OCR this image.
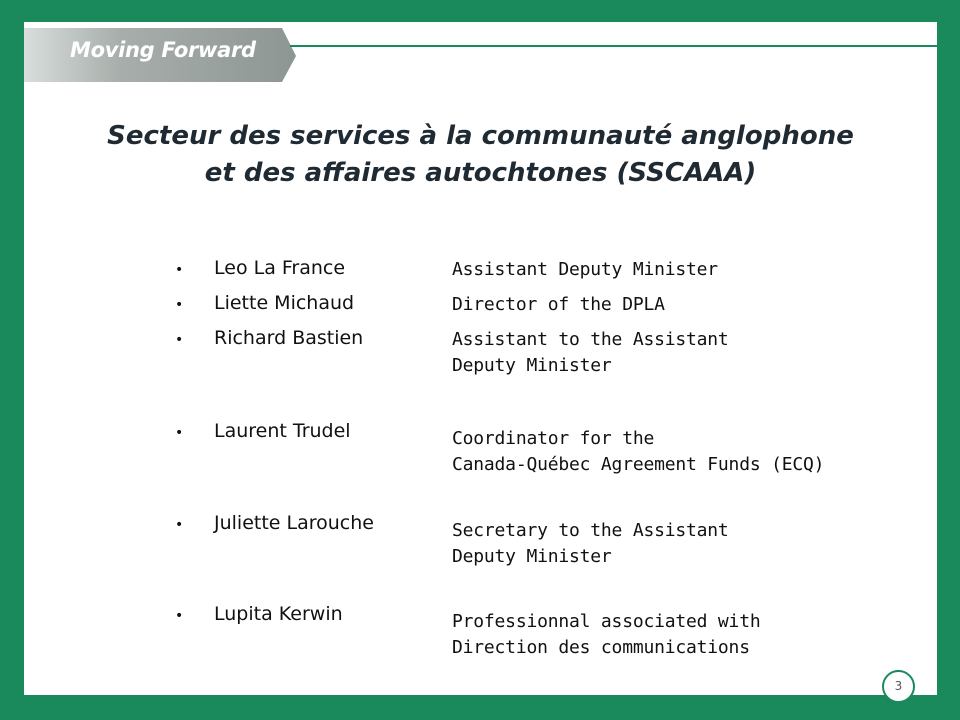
Moving Forward
Secteur des services à la communauté anglophone
et des affaires autochtones (SSCAAA)
• Leo La France	Assistant Deputy Minister
• Liette Michaud	Director of the DPLA
• Richard Bastien	Assistant to the Assistant
Deputy Minister
• Laurent Trudel	Coordinator for the
Canada-Québec Agreement Funds (ECQ)
• Juliette Larouche	Secretary to the Assistant
Deputy Minister
• Lupita Kerwin	Professionnal associated with
Direction des communications
3
